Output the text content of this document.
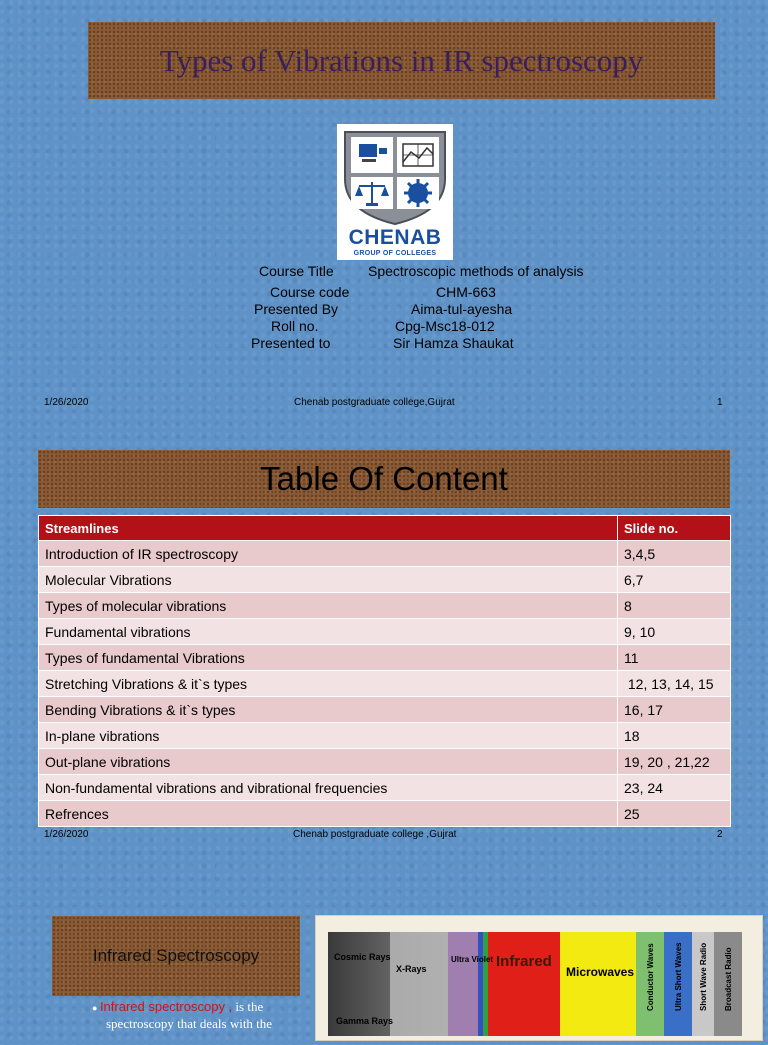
Types of Vibrations in IR spectroscopy
CHENAB
GROUP OF COLLEGES
Course Title Spectroscopic methods of analysis
Course code	CHM-663
Presented By	Aima-tul-ayesha
Roll no.	Cpg-Msc18-012
Presented to	Sir Hamza Shaukat
1/26/2020	Chenab postgraduate college,Gujrat	1
Table Of Content
Streamlines	Slide no.
Introduction of IR spectroscopy	3,4,5
Molecular Vibrations	6,7
Types of molecular vibrations	8
Fundamental vibrations	9, 10
Types of fundamental Vibrations	11
Stretching Vibrations & it`s types	12, 13, 14, 15
Bending Vibrations & it`s types	16, 17
In-plane vibrations	18
Out-plane vibrations	19, 20 , 21,22
Non-fundamental vibrations and vibrational frequencies	23, 24
Refrences	25
1/26/2020	Chenab postgraduate college ,Gujrat	2
Infrared Spectroscopy
● Infrared spectroscopy , is the
spectroscopy that deals with the
Cosmic Rays
X-Rays
Gamma Rays
Ultra Violet Infrared
Microwaves Conductor Waves Ultra Short Waves Short Wave Radio Broadcast Radio
